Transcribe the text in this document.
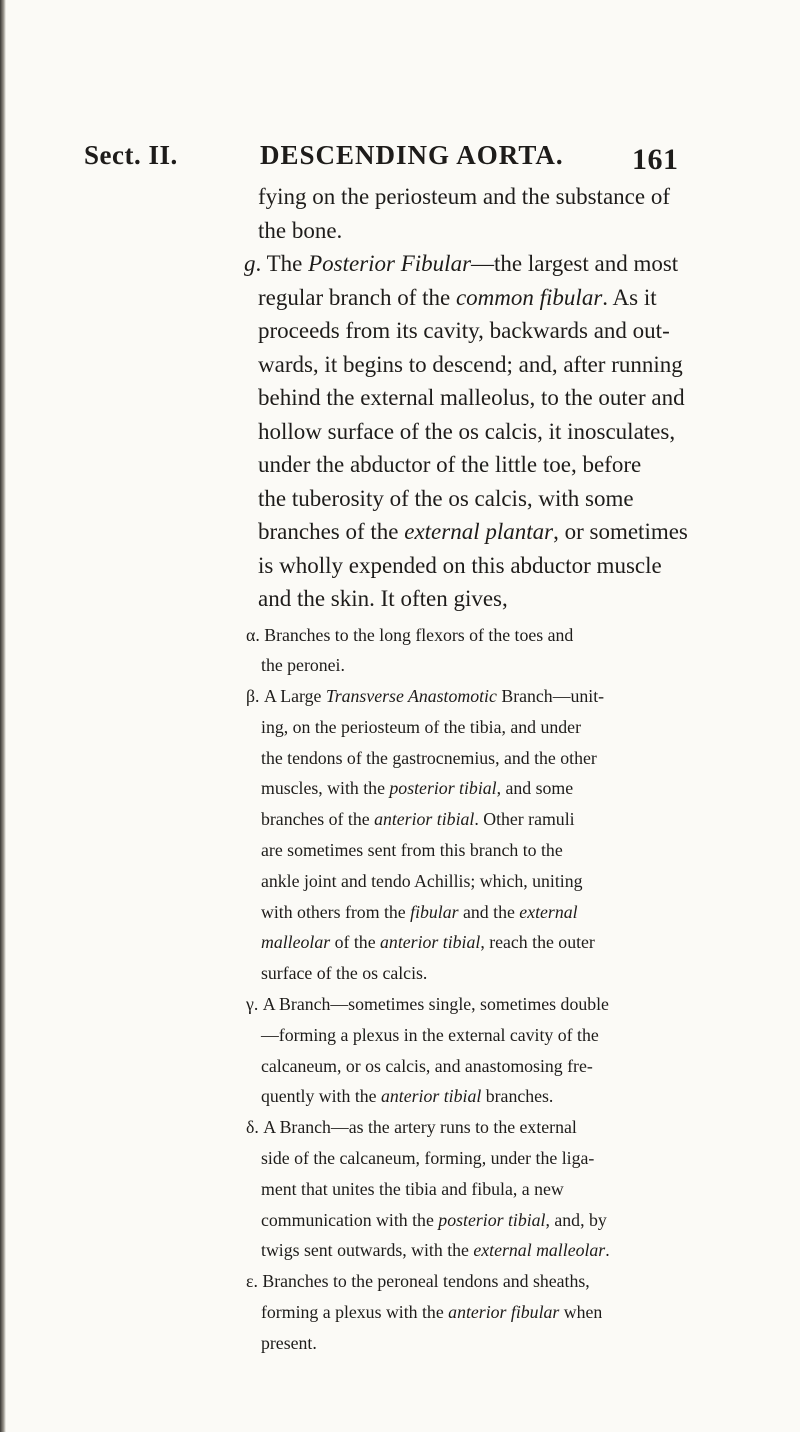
Sect. II.	DESCENDING AORTA. 161
fying on the periosteum and the substance of
the bone.
g. The Posterior Fibular—the largest and most
regular branch of the common fibular. As it
proceeds from its cavity, backwards and out-
wards, it begins to descend; and, after running
behind the external malleolus, to the outer and
hollow surface of the os calcis, it inosculates,
under the abductor of the little toe, before
the tuberosity of the os calcis, with some
branches of the external plantar, or sometimes
is wholly expended on this abductor muscle
and the skin. It often gives,
α. Branches to the long flexors of the toes and
the peronei.
β. A Large Transverse Anastomotic Branch—unit-
ing, on the periosteum of the tibia, and under
the tendons of the gastrocnemius, and the other
muscles, with the posterior tibial, and some
branches of the anterior tibial. Other ramuli
are sometimes sent from this branch to the
ankle joint and tendo Achillis; which, uniting
with others from the fibular and the external
malleolar of the anterior tibial, reach the outer
surface of the os calcis.
γ. A Branch—sometimes single, sometimes double
—forming a plexus in the external cavity of the
calcaneum, or os calcis, and anastomosing fre-
quently with the anterior tibial branches.
δ. A Branch—as the artery runs to the external
side of the calcaneum, forming, under the liga-
ment that unites the tibia and fibula, a new
communication with the posterior tibial, and, by
twigs sent outwards, with the external malleolar.
ε. Branches to the peroneal tendons and sheaths,
forming a plexus with the anterior fibular when
present.
